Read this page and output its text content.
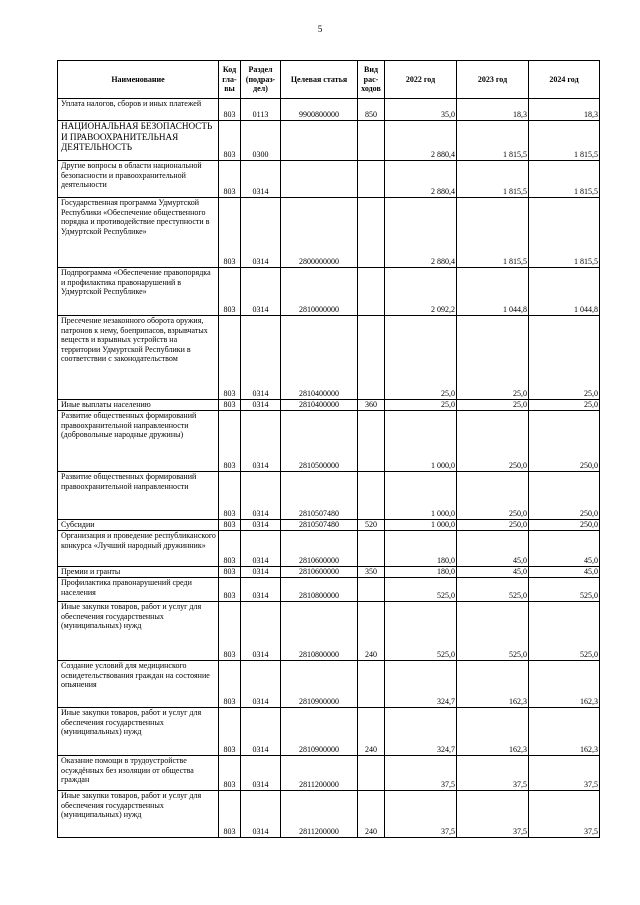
5
Наименование	Код гла- вы	Раздел (подраз- дел)	Целевая статья	Вид рас- ходов	2022 год	2023 год	2024 год
Уплата налогов, сборов и иных платежей	803	0113	9900800000	850	35,0	18,3	18,3
НАЦИОНАЛЬНАЯ БЕЗОПАСНОСТЬ И ПРАВООХРАНИТЕЛЬНАЯ ДЕЯТЕЛЬНОСТЬ	803	0300			2 880,4	1 815,5	1 815,5
Другие вопросы в области национальной безопасности и правоохранительной деятельности	803	0314			2 880,4	1 815,5	1 815,5
Государственная программа Удмуртской Республики «Обеспечение общественного порядка и противодействие преступности в Удмуртской Республике»	803	0314	2800000000		2 880,4	1 815,5	1 815,5
Подпрограмма «Обеспечение правопорядка и профилактика правонарушений в Удмуртской Республике»	803	0314	2810000000		2 092,2	1 044,8	1 044,8
Пресечение незаконного оборота оружия, патронов к нему, боеприпасов, взрывчатых веществ и взрывных устройств на территории Удмуртской Республики в соответствии с законодательством	803	0314	2810400000		25,0	25,0	25,0
Иные выплаты населению	803	0314	2810400000	360	25,0	25,0	25,0
Развитие общественных формирований правоохранительной направленности (добровольные народные дружины)	803	0314	2810500000		1 000,0	250,0	250,0
Развитие общественных формирований правоохранительной направленности	803	0314	2810507480		1 000,0	250,0	250,0
Субсидии	803	0314	2810507480	520	1 000,0	250,0	250,0
Организация и проведение республиканского конкурса «Лучший народный дружинник»	803	0314	2810600000		180,0	45,0	45,0
Премии и гранты	803	0314	2810600000	350	180,0	45,0	45,0
Профилактика правонарушений среди населения	803	0314	2810800000		525,0	525,0	525,0
Иные закупки товаров, работ и услуг для обеспечения государственных (муниципальных) нужд	803	0314	2810800000	240	525,0	525,0	525,0
Создание условий для медицинского освидетельствования граждан на состояние опьянения	803	0314	2810900000		324,7	162,3	162,3
Иные закупки товаров, работ и услуг для обеспечения государственных (муниципальных) нужд	803	0314	2810900000	240	324,7	162,3	162,3
Оказание помощи в трудоустройстве осуждённых без изоляции от общества граждан	803	0314	2811200000		37,5	37,5	37,5
Иные закупки товаров, работ и услуг для обеспечения государственных (муниципальных) нужд	803	0314	2811200000	240	37,5	37,5	37,5
